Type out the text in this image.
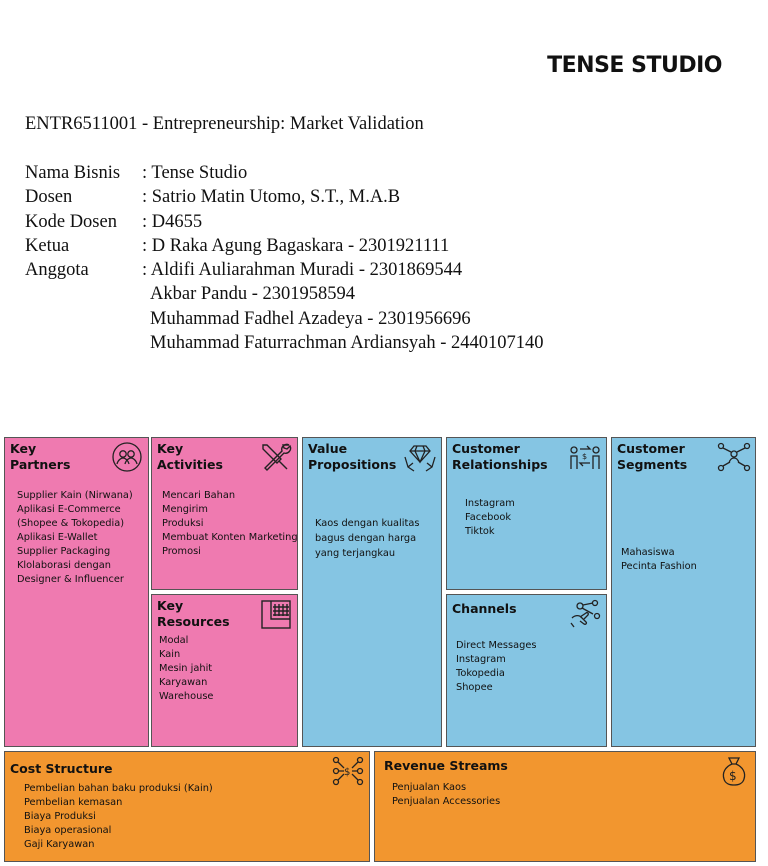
TENSE STUDIO
ENTR6511001 - Entrepreneurship: Market Validation
Nama Bisnis	: Tense Studio
Dosen	: Satrio Matin Utomo, S.T., M.A.B
Kode Dosen	: D4655
Ketua	: D Raka Agung Bagaskara - 2301921111
Anggota	: Aldifi Auliarahman Muradi - 2301869544
Akbar Pandu - 2301958594
Muhammad Fadhel Azadeya - 2301956696
Muhammad Faturrachman Ardiansyah - 2440107140
Key
Partners
Supplier Kain (Nirwana)
Aplikasi E-Commerce
(Shopee & Tokopedia)
Aplikasi E-Wallet
Supplier Packaging
Klolaborasi dengan
Designer & Influencer
Key
Activities
Mencari Bahan
Mengirim
Produksi
Membuat Konten Marketing
Promosi
Key
Resources
Modal
Kain
Mesin jahit
Karyawan
Warehouse
Value
Propositions
Kaos dengan kualitas bagus dengan harga yang terjangkau
Customer
Relationships	$
Instagram
Facebook
Tiktok
Channels
Direct Messages
Instagram
Tokopedia
Shopee
Customer
Segments
Mahasiswa
Pecinta Fashion
Cost Structure	$
Pembelian bahan baku produksi (Kain)
Pembelian kemasan
Biaya Produksi
Biaya operasional
Gaji Karyawan
Revenue Streams
$
Penjualan Kaos
Penjualan Accessories
